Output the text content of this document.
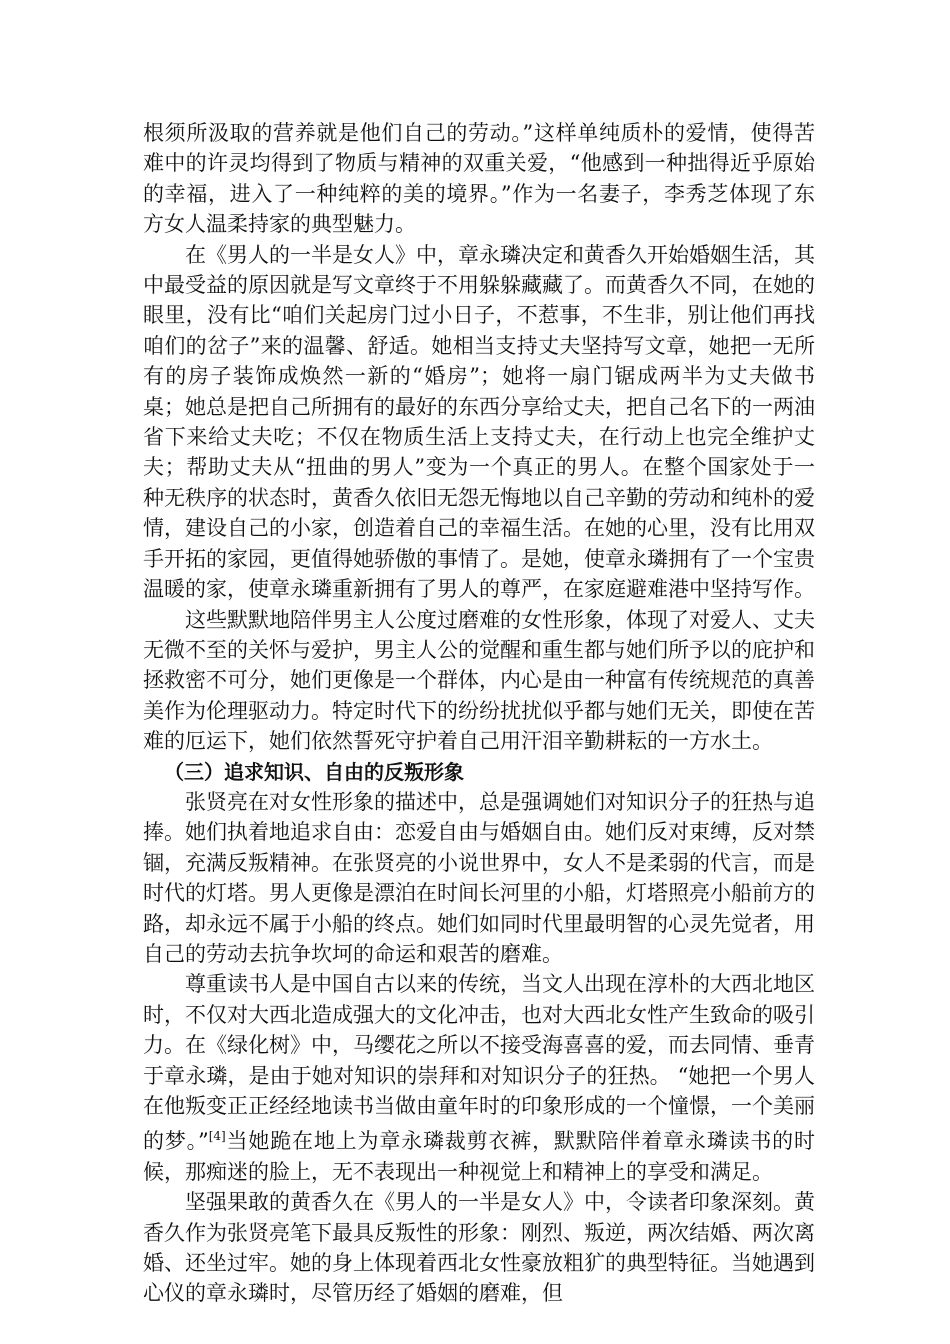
根须所汲取的营养就是他们自己的劳动。”这样单纯质朴的爱情，使得苦难中的许灵均得到了物质与精神的双重关爱，“他感到一种拙得近乎原始的幸福，进入了一种纯粹的美的境界。”作为一名妻子，李秀芝体现了东方女人温柔持家的典型魅力。

在《男人的一半是女人》中，章永璘决定和黄香久开始婚姻生活，其中最受益的原因就是写文章终于不用躲躲藏藏了。而黄香久不同，在她的眼里，没有比“咱们关起房门过小日子，不惹事，不生非，别让他们再找咱们的岔子”来的温馨、舒适。她相当支持丈夫坚持写文章，她把一无所有的房子装饰成焕然一新的“婚房”；她将一扇门锯成两半为丈夫做书桌；她总是把自己所拥有的最好的东西分享给丈夫，把自己名下的一两油省下来给丈夫吃；不仅在物质生活上支持丈夫，在行动上也完全维护丈夫；帮助丈夫从“扭曲的男人”变为一个真正的男人。在整个国家处于一种无秩序的状态时，黄香久依旧无怨无悔地以自己辛勤的劳动和纯朴的爱情，建设自己的小家，创造着自己的幸福生活。在她的心里，没有比用双手开拓的家园，更值得她骄傲的事情了。是她，使章永璘拥有了一个宝贵温暖的家，使章永璘重新拥有了男人的尊严，在家庭避难港中坚持写作。

这些默默地陪伴男主人公度过磨难的女性形象，体现了对爱人、丈夫无微不至的关怀与爱护，男主人公的觉醒和重生都与她们所予以的庇护和拯救密不可分，她们更像是一个群体，内心是由一种富有传统规范的真善美作为伦理驱动力。特定时代下的纷纷扰扰似乎都与她们无关，即使在苦难的厄运下，她们依然誓死守护着自己用汗泪辛勤耕耘的一方水土。

（三）追求知识、自由的反叛形象

张贤亮在对女性形象的描述中，总是强调她们对知识分子的狂热与追捧。她们执着地追求自由：恋爱自由与婚姻自由。她们反对束缚，反对禁锢，充满反叛精神。在张贤亮的小说世界中，女人不是柔弱的代言，而是时代的灯塔。男人更像是漂泊在时间长河里的小船，灯塔照亮小船前方的路，却永远不属于小船的终点。她们如同时代里最明智的心灵先觉者，用自己的劳动去抗争坎坷的命运和艰苦的磨难。

尊重读书人是中国自古以来的传统，当文人出现在淳朴的大西北地区时，不仅对大西北造成强大的文化冲击，也对大西北女性产生致命的吸引力。在《绿化树》中，马缨花之所以不接受海喜喜的爱，而去同情、垂青于章永璘，是由于她对知识的崇拜和对知识分子的狂热。 “她把一个男人在他叛变正正经经地读书当做由童年时的印象形成的一个憧憬，一个美丽的梦。”[4]当她跪在地上为章永璘裁剪衣裤，默默陪伴着章永璘读书的时候，那痴迷的脸上，无不表现出一种视觉上和精神上的享受和满足。

坚强果敢的黄香久在《男人的一半是女人》中，令读者印象深刻。黄香久作为张贤亮笔下最具反叛性的形象：刚烈、叛逆，两次结婚、两次离婚、还坐过牢。她的身上体现着西北女性豪放粗犷的典型特征。当她遇到心仪的章永璘时，尽管历经了婚姻的磨难，但
